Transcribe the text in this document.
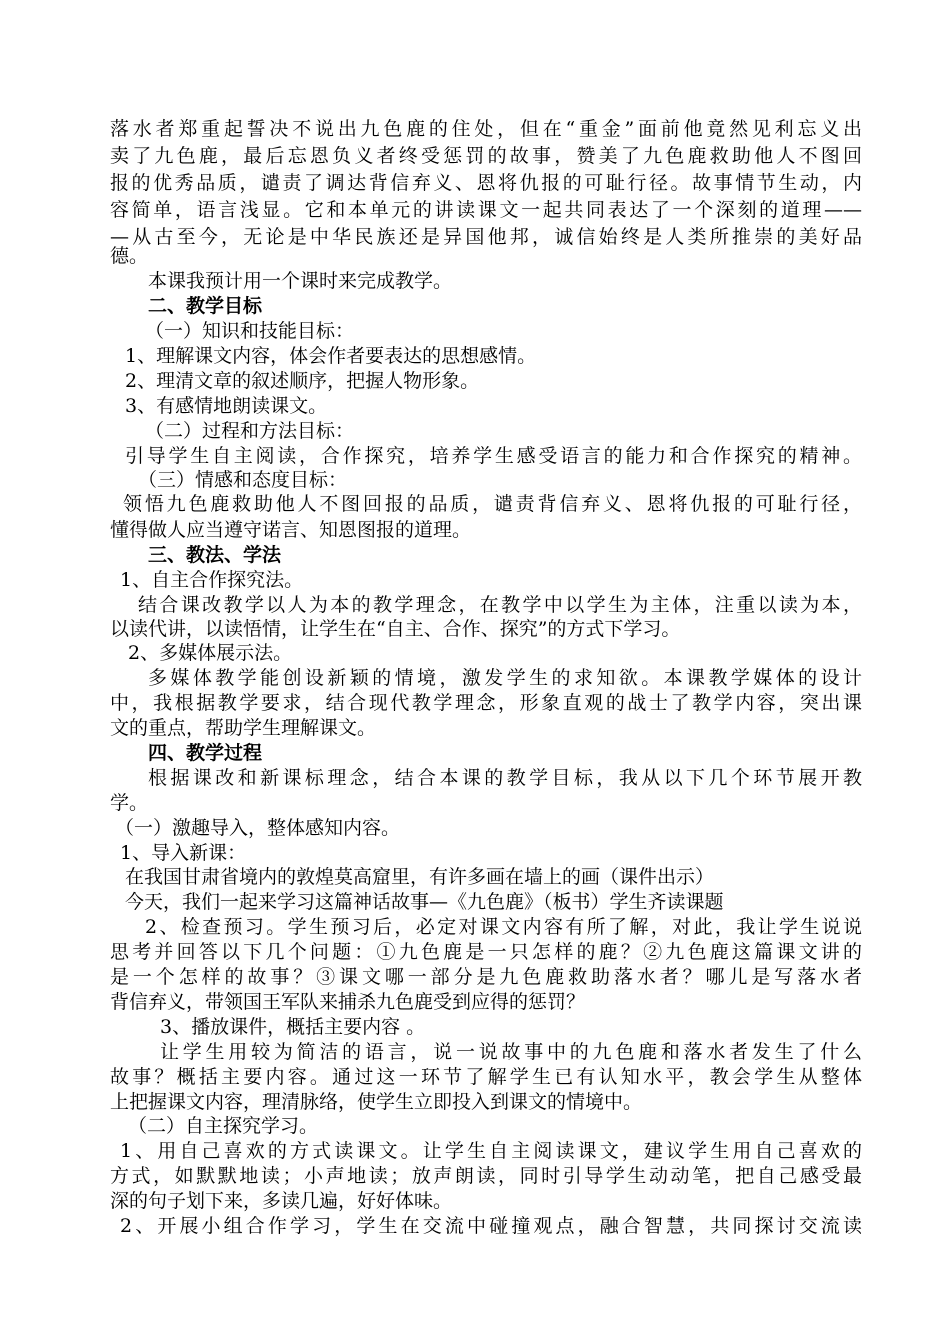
落水者郑重起誓决不说出九色鹿的住处，但在“重金”面前他竟然见利忘义出
卖了九色鹿，最后忘恩负义者终受惩罚的故事，赞美了九色鹿救助他人不图回
报的优秀品质，谴责了调达背信弃义、恩将仇报的可耻行径。故事情节生动，内
容简单，语言浅显。它和本单元的讲读课文一起共同表达了一个深刻的道理——
—从古至今，无论是中华民族还是异国他邦，诚信始终是人类所推崇的美好品
德。
本课我预计用一个课时来完成教学。
二、教学目标
（一）知识和技能目标：
1、理解课文内容，体会作者要表达的思想感情。
2、理清文章的叙述顺序，把握人物形象。
3、有感情地朗读课文。
（二）过程和方法目标：
引导学生自主阅读，合作探究，培养学生感受语言的能力和合作探究的精神。
（三）情感和态度目标：
领悟九色鹿救助他人不图回报的品质，谴责背信弃义、恩将仇报的可耻行径，
懂得做人应当遵守诺言、知恩图报的道理。
三、教法、学法
1、自主合作探究法。
结合课改教学以人为本的教学理念，在教学中以学生为主体，注重以读为本，
以读代讲，以读悟情，让学生在“自主、合作、探究”的方式下学习。
2、多媒体展示法。
多媒体教学能创设新颖的情境，激发学生的求知欲。本课教学媒体的设计
中，我根据教学要求，结合现代教学理念，形象直观的战士了教学内容，突出课
文的重点，帮助学生理解课文。
四、教学过程
根据课改和新课标理念，结合本课的教学目标，我从以下几个环节展开教
学。
（一）激趣导入，整体感知内容。
1、导入新课：
在我国甘肃省境内的敦煌莫高窟里，有许多画在墙上的画（课件出示）
今天，我们一起来学习这篇神话故事—《九色鹿》（板书）学生齐读课题
2、检查预习。学生预习后，必定对课文内容有所了解，对此，我让学生说说
思考并回答以下几个问题：①九色鹿是一只怎样的鹿？②九色鹿这篇课文讲的
是一个怎样的故事？③课文哪一部分是九色鹿救助落水者？哪儿是写落水者
背信弃义，带领国王军队来捕杀九色鹿受到应得的惩罚？
3、播放课件，概括主要内容 。
让学生用较为简洁的语言，说一说故事中的九色鹿和落水者发生了什么
故事？概括主要内容。通过这一环节了解学生已有认知水平，教会学生从整体
上把握课文内容，理清脉络，使学生立即投入到课文的情境中。
（二）自主探究学习。
1、用自己喜欢的方式读课文。让学生自主阅读课文，建议学生用自己喜欢的
方式，如默默地读；小声地读；放声朗读，同时引导学生动动笔，把自己感受最
深的句子划下来，多读几遍，好好体味。
2、开展小组合作学习，学生在交流中碰撞观点，融合智慧，共同探讨交流读
